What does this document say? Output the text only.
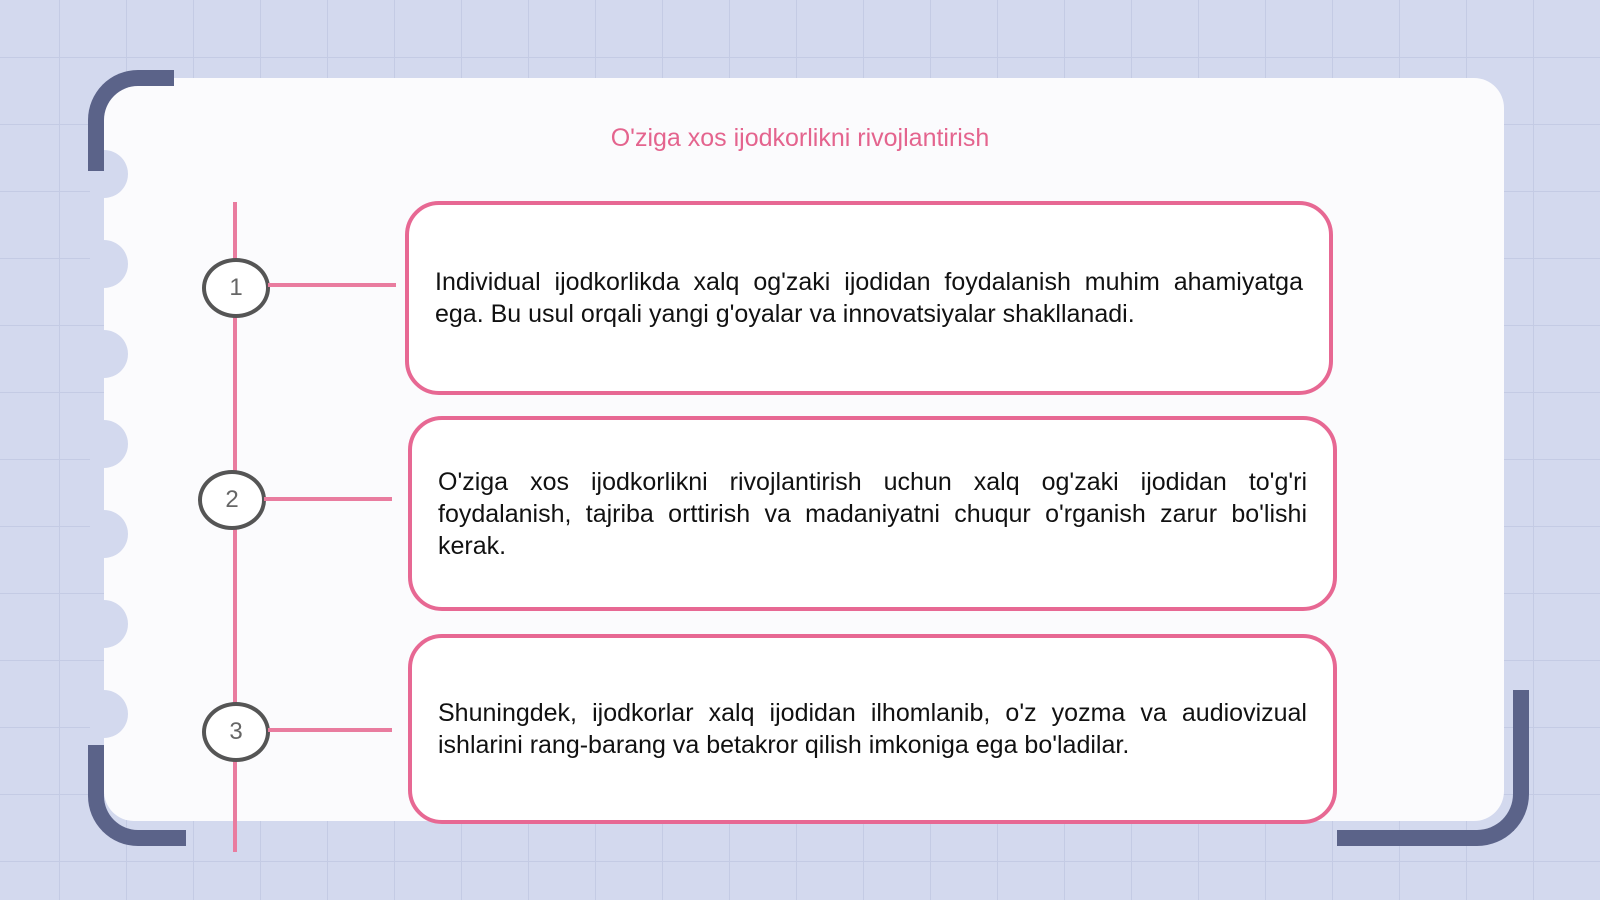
O'ziga xos ijodkorlikni rivojlantirish
1	Individual ijodkorlikda xalq og'zaki ijodidan foydalanish muhim ahamiyatga ega. Bu usul orqali yangi g'oyalar va innovatsiyalar shakllanadi.

2

O'ziga xos ijodkorlikni rivojlantirish uchun xalq og'zaki ijodidan to'g'ri foydalanish, tajriba orttirish va madaniyatni chuqur o'rganish zarur bo'lishi kerak.

3

Shuningdek, ijodkorlar xalq ijodidan ilhomlanib, o'z yozma va audiovizual ishlarini rang-barang va betakror qilish imkoniga ega bo'ladilar.
